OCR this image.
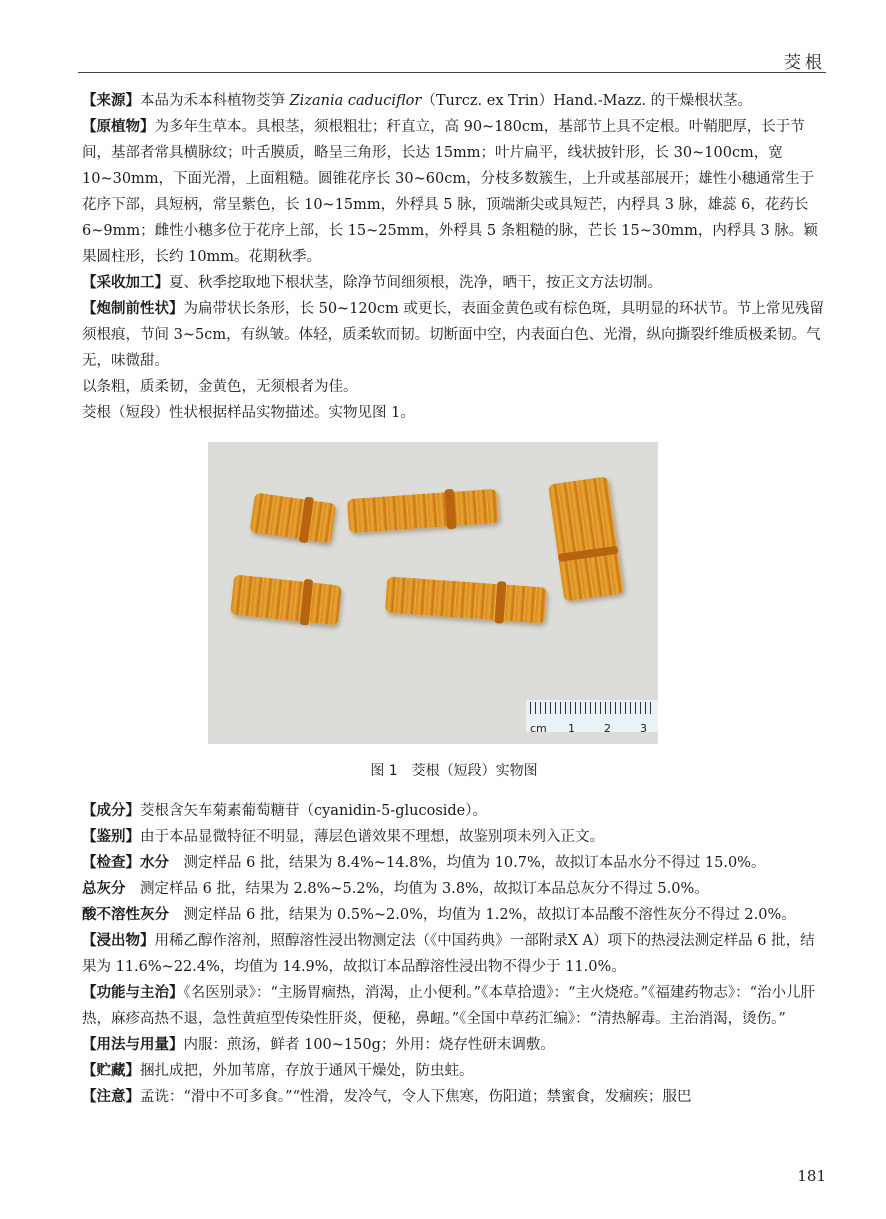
茭根

【来源】本品为禾本科植物茭笋 Zizania caduciflor（Turcz. ex Trin）Hand.-Mazz. 的干燥根状茎。

【原植物】为多年生草本。具根茎，须根粗壮；秆直立，高 90~180cm，基部节上具不定根。叶鞘肥厚，长于节间，基部者常具横脉纹；叶舌膜质，略呈三角形，长达 15mm；叶片扁平，线状披针形，长 30~100cm，宽 10~30mm，下面光滑，上面粗糙。圆锥花序长 30~60cm，分枝多数簇生，上升或基部展开；雄性小穗通常生于花序下部，具短柄，常呈紫色，长 10~15mm，外稃具 5 脉，顶端渐尖或具短芒，内稃具 3 脉，雄蕊 6，花药长 6~9mm；雌性小穗多位于花序上部，长 15~25mm，外稃具 5 条粗糙的脉，芒长 15~30mm，内稃具 3 脉。颖果圆柱形，长约 10mm。花期秋季。

【采收加工】夏、秋季挖取地下根状茎，除净节间细须根，洗净，晒干，按正文方法切制。

【炮制前性状】为扁带状长条形，长 50~120cm 或更长，表面金黄色或有棕色斑，具明显的环状节。节上常见残留须根痕，节间 3~5cm，有纵皱。体轻，质柔软而韧。切断面中空，内表面白色、光滑，纵向撕裂纤维质极柔韧。气无，味微甜。

以条粗，质柔韧，金黄色，无须根者为佳。

茭根（短段）性状根据样品实物描述。实物见图 1。

cm 1	2	3
图 1　茭根（短段）实物图

【成分】茭根含矢车菊素葡萄糖苷（cyanidin-5-glucoside）。

【鉴别】由于本品显微特征不明显，薄层色谱效果不理想，故鉴别项未列入正文。

【检查】水分　 测定样品 6 批，结果为 8.4%~14.8%，均值为 10.7%，故拟订本品水分不得过 15.0%。

总灰分　 测定样品 6 批，结果为 2.8%~5.2%，均值为 3.8%，故拟订本品总灰分不得过 5.0%。

酸不溶性灰分　 测定样品 6 批，结果为 0.5%~2.0%，均值为 1.2%，故拟订本品酸不溶性灰分不得过 2.0%。

【浸出物】用稀乙醇作溶剂，照醇溶性浸出物测定法（《中国药典》一部附录Ⅹ A）项下的热浸法测定样品 6 批，结果为 11.6%~22.4%，均值为 14.9%，故拟订本品醇溶性浸出物不得少于 11.0%。

【功能与主治】《名医别录》：“主肠胃痼热，消渴，止小便利。”《本草拾遗》：“主火烧疮。”《福建药物志》：“治小儿肝热，麻疹高热不退，急性黄疸型传染性肝炎，便秘，鼻衄。”《全国中草药汇编》：“清热解毒。主治消渴，烫伤。”

【用法与用量】内服：煎汤，鲜者 100~150g；外用：烧存性研末调敷。

【贮藏】捆扎成把，外加苇席，存放于通风干燥处，防虫蛀。

【注意】孟诜：“滑中不可多食。”“性滑，发冷气，令人下焦寒，伤阳道；禁蜜食，发痼疾；服巴

181
